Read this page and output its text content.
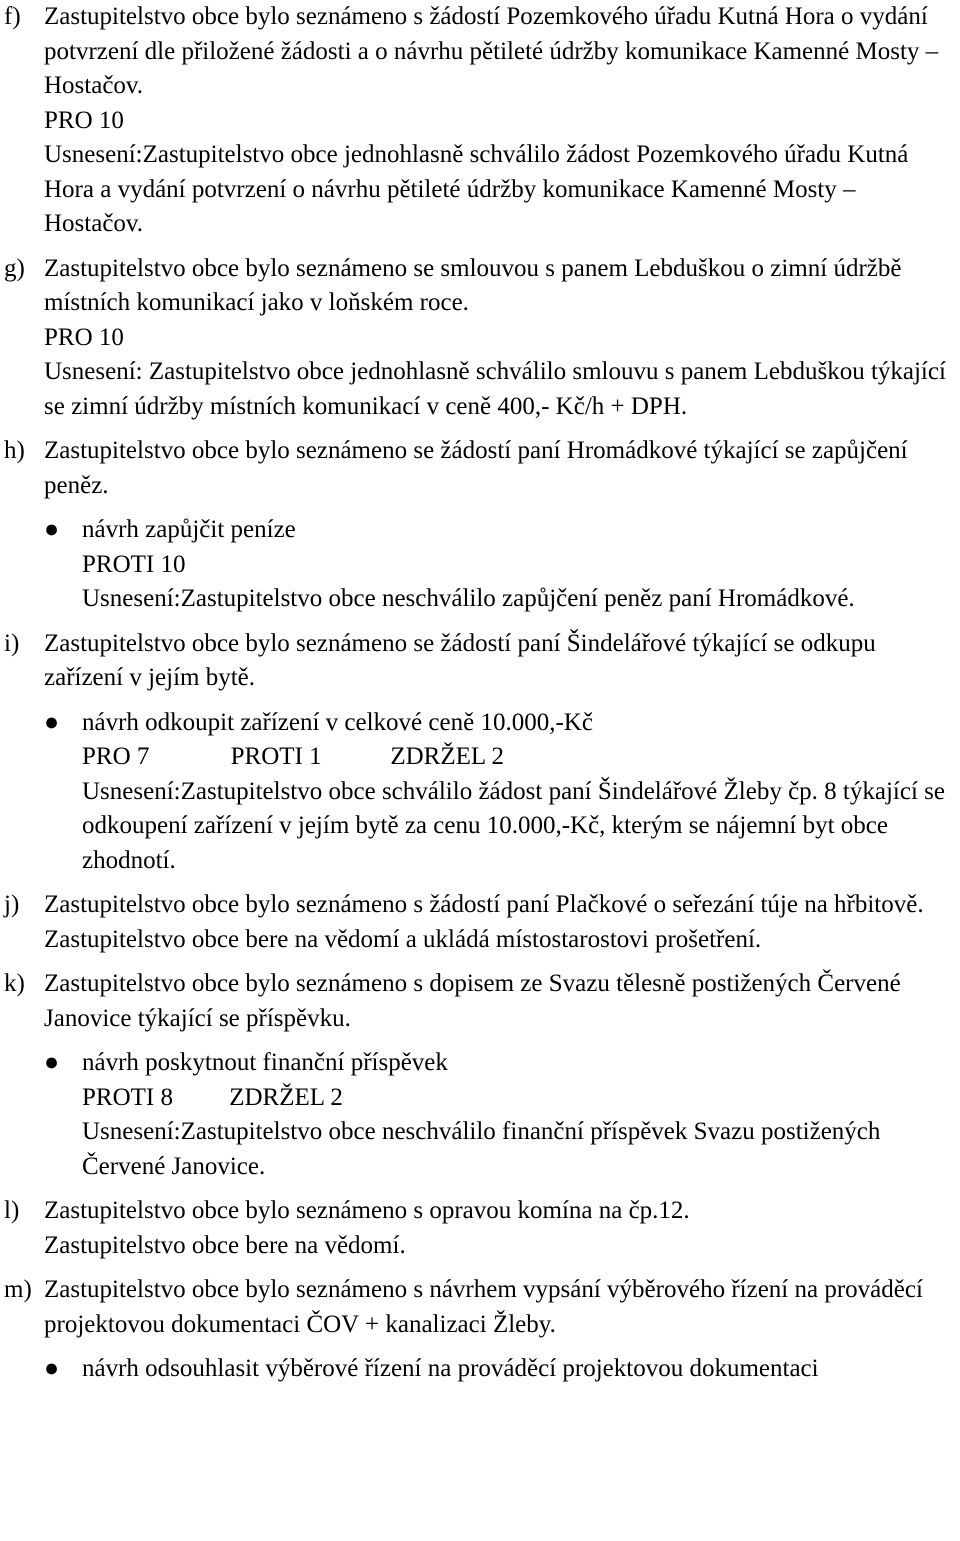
f) Zastupitelstvo obce bylo seznámeno s žádostí Pozemkového úřadu Kutná Hora o vydání potvrzení dle přiložené žádosti a o návrhu pětileté údržby komunikace Kamenné Mosty – Hostačov.

PRO 10

Usnesení:Zastupitelstvo obce jednohlasně schválilo žádost Pozemkového úřadu Kutná Hora a vydání potvrzení o návrhu pětileté údržby komunikace Kamenné Mosty – Hostačov.

g) Zastupitelstvo obce bylo seznámeno se smlouvou s panem Lebduškou o zimní údržbě místních komunikací jako v loňském roce.

PRO 10

Usnesení: Zastupitelstvo obce jednohlasně schválilo smlouvu s panem Lebduškou týkající se zimní údržby místních komunikací v ceně 400,- Kč/h + DPH.

h) Zastupitelstvo obce bylo seznámeno se žádostí paní Hromádkové týkající se zapůjčení peněz.

● návrh zapůjčit peníze

PROTI 10

Usnesení:Zastupitelstvo obce neschválilo zapůjčení peněz paní Hromádkové.

i) Zastupitelstvo obce bylo seznámeno se žádostí paní Šindelářové týkající se odkupu zařízení v jejím bytě.

● návrh odkoupit zařízení v celkové ceně 10.000,-Kč

PRO 7             PROTI 1           ZDRŽEL 2

Usnesení:Zastupitelstvo obce schválilo žádost paní Šindelářové Žleby čp. 8 týkající se odkoupení zařízení v jejím bytě za cenu 10.000,-Kč, kterým se nájemní byt obce zhodnotí.

j) Zastupitelstvo obce bylo seznámeno s žádostí paní Plačkové o seřezání túje na hřbitově.

Zastupitelstvo obce bere na vědomí a ukládá místostarostovi prošetření.

k) Zastupitelstvo obce bylo seznámeno s dopisem ze Svazu tělesně postižených Červené Janovice týkající se příspěvku.

● návrh poskytnout finanční příspěvek

PROTI 8         ZDRŽEL 2

Usnesení:Zastupitelstvo obce neschválilo finanční příspěvek Svazu postižených Červené Janovice.

l) Zastupitelstvo obce bylo seznámeno s opravou komína na čp.12.

Zastupitelstvo obce bere na vědomí.

m) Zastupitelstvo obce bylo seznámeno s návrhem vypsání výběrového řízení na prováděcí projektovou dokumentaci ČOV + kanalizaci Žleby.

● návrh odsouhlasit výběrové řízení na prováděcí projektovou dokumentaci
